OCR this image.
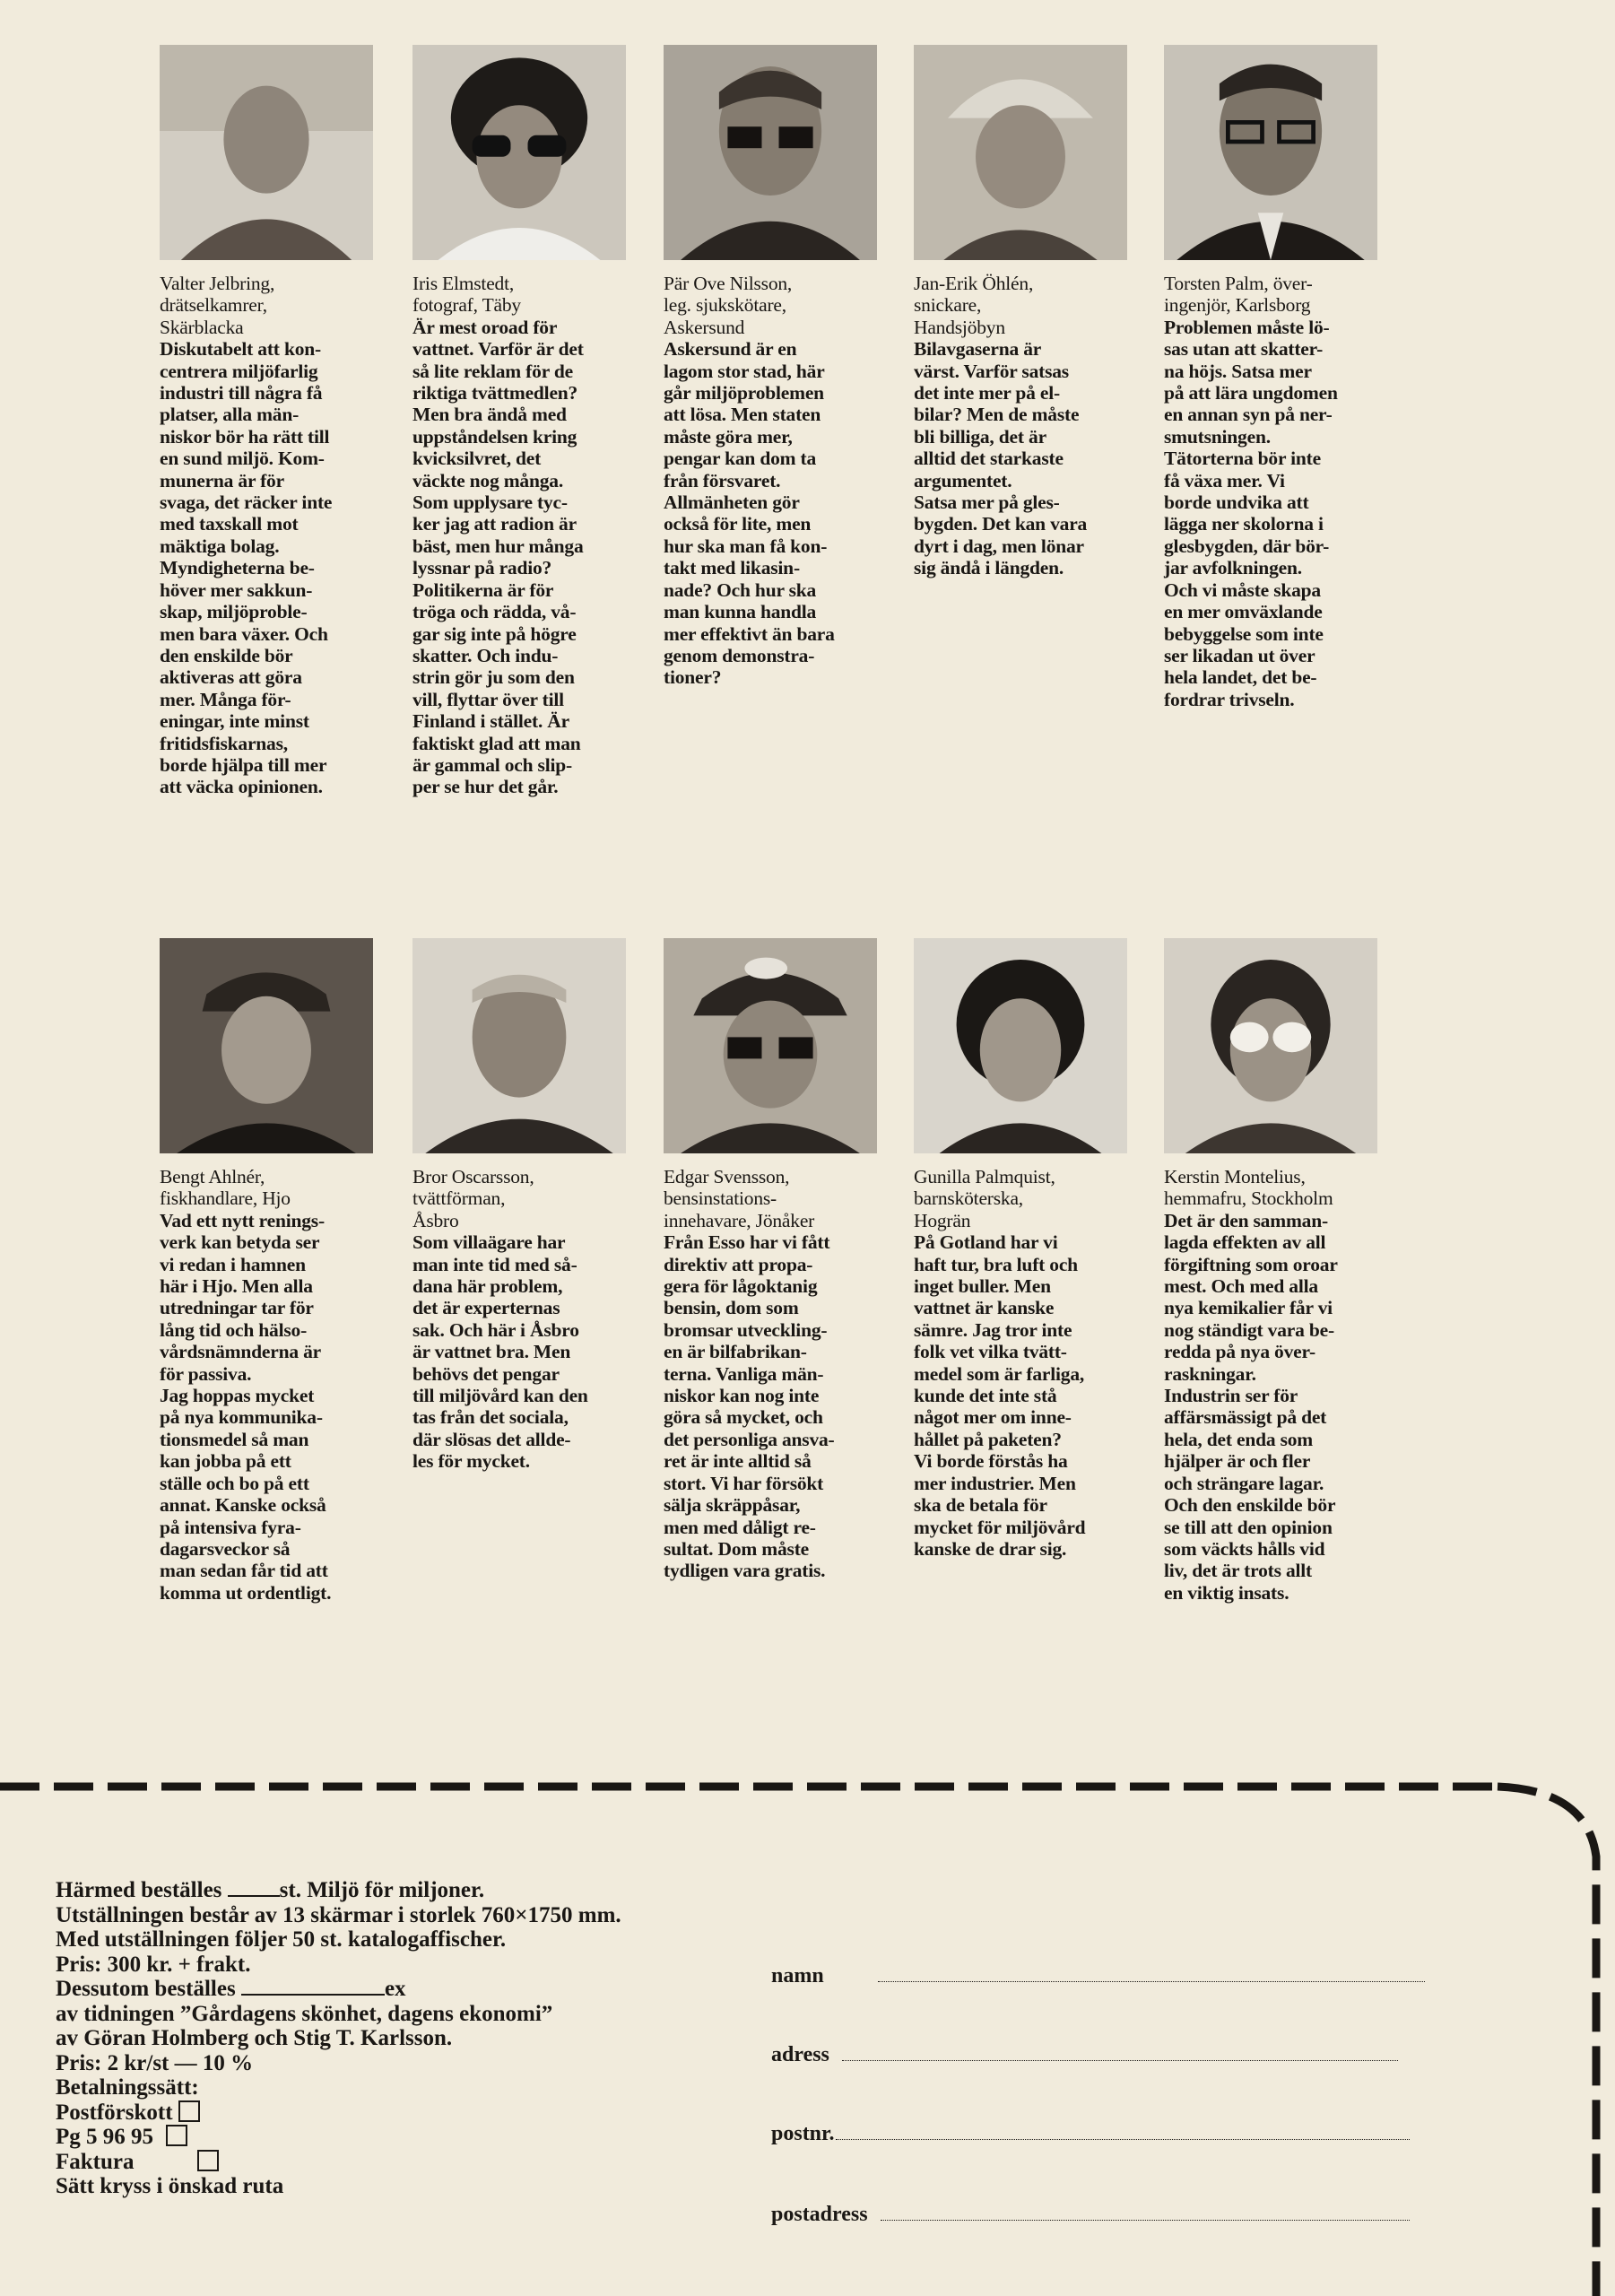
Valter Jelbring,
drätselkamrer,
Skärblacka
Diskutabelt att kon-
centrera miljöfarlig
industri till några få
platser, alla män-
niskor bör ha rätt till
en sund miljö. Kom-
munerna är för
svaga, det räcker inte
med taxskall mot
mäktiga bolag.
Myndigheterna be-
höver mer sakkun-
skap, miljöproble-
men bara växer. Och
den enskilde bör
aktiveras att göra
mer. Många för-
eningar, inte minst
fritidsfiskarnas,
borde hjälpa till mer
att väcka opinionen.
Iris Elmstedt,
fotograf, Täby
Är mest oroad för
vattnet. Varför är det
så lite reklam för de
riktiga tvättmedlen?
Men bra ändå med
uppståndelsen kring
kvicksilvret, det
väckte nog många.
Som upplysare tyc-
ker jag att radion är
bäst, men hur många
lyssnar på radio?
Politikerna är för
tröga och rädda, vå-
gar sig inte på högre
skatter. Och indu-
strin gör ju som den
vill, flyttar över till
Finland i stället. Är
faktiskt glad att man
är gammal och slip-
per se hur det går.
Pär Ove Nilsson,
leg. sjukskötare,
Askersund
Askersund är en
lagom stor stad, här
går miljöproblemen
att lösa. Men staten
måste göra mer,
pengar kan dom ta
från försvaret.
Allmänheten gör
också för lite, men
hur ska man få kon-
takt med likasin-
nade? Och hur ska
man kunna handla
mer effektivt än bara
genom demonstra-
tioner?
Jan-Erik Öhlén,
snickare,
Handsjöbyn
Bilavgaserna är
värst. Varför satsas
det inte mer på el-
bilar? Men de måste
bli billiga, det är
alltid det starkaste
argumentet.
Satsa mer på gles-
bygden. Det kan vara
dyrt i dag, men lönar
sig ändå i längden.
Torsten Palm, över-
ingenjör, Karlsborg
Problemen måste lö-
sas utan att skatter-
na höjs. Satsa mer
på att lära ungdomen
en annan syn på ner-
smutsningen.
Tätorterna bör inte
få växa mer. Vi
borde undvika att
lägga ner skolorna i
glesbygden, där bör-
jar avfolkningen.
Och vi måste skapa
en mer omväxlande
bebyggelse som inte
ser likadan ut över
hela landet, det be-
fordrar trivseln.
Bengt Ahlnér,
fiskhandlare, Hjo
Vad ett nytt renings-
verk kan betyda ser
vi redan i hamnen
här i Hjo. Men alla
utredningar tar för
lång tid och hälso-
vårdsnämnderna är
för passiva.
Jag hoppas mycket
på nya kommunika-
tionsmedel så man
kan jobba på ett
ställe och bo på ett
annat. Kanske också
på intensiva fyra-
dagarsveckor så
man sedan får tid att
komma ut ordentligt.
Bror Oscarsson,
tvättförman,
Åsbro
Som villaägare har
man inte tid med så-
dana här problem,
det är experternas
sak. Och här i Åsbro
är vattnet bra. Men
behövs det pengar
till miljövård kan den
tas från det sociala,
där slösas det allde-
les för mycket.
Edgar Svensson,
bensinstations-
innehavare, Jönåker
Från Esso har vi fått
direktiv att propa-
gera för lågoktanig
bensin, dom som
bromsar utveckling-
en är bilfabrikan-
terna. Vanliga män-
niskor kan nog inte
göra så mycket, och
det personliga ansva-
ret är inte alltid så
stort. Vi har försökt
sälja skräppåsar,
men med dåligt re-
sultat. Dom måste
tydligen vara gratis.
Gunilla Palmquist,
barnsköterska,
Hogrän
På Gotland har vi
haft tur, bra luft och
inget buller. Men
vattnet är kanske
sämre. Jag tror inte
folk vet vilka tvätt-
medel som är farliga,
kunde det inte stå
något mer om inne-
hållet på paketen?
Vi borde förstås ha
mer industrier. Men
ska de betala för
mycket för miljövård
kanske de drar sig.
Kerstin Montelius,
hemmafru, Stockholm
Det är den samman-
lagda effekten av all
förgiftning som oroar
mest. Och med alla
nya kemikalier får vi
nog ständigt vara be-
redda på nya över-
raskningar.
Industrin ser för
affärsmässigt på det
hela, det enda som
hjälper är och fler
och strängare lagar.
Och den enskilde bör
se till att den opinion
som väckts hålls vid
liv, det är trots allt
en viktig insats.
Härmed beställes	st. Miljö för miljoner.
Utställningen består av 13 skärmar i storlek 760×1750 mm.
Med utställningen följer 50 st. katalogaffischer.
Pris: 300 kr. + frakt.
Dessutom beställes	ex
av tidningen ”Gårdagens skönhet, dagens ekonomi”
av Göran Holmberg och Stig T. Karlsson.
Pris: 2 kr/st — 10 %
Betalningssätt:
Postförskott
Pg 5 96 95
Faktura
Sätt kryss i önskad ruta
namn
adress
postnr.
postadress
